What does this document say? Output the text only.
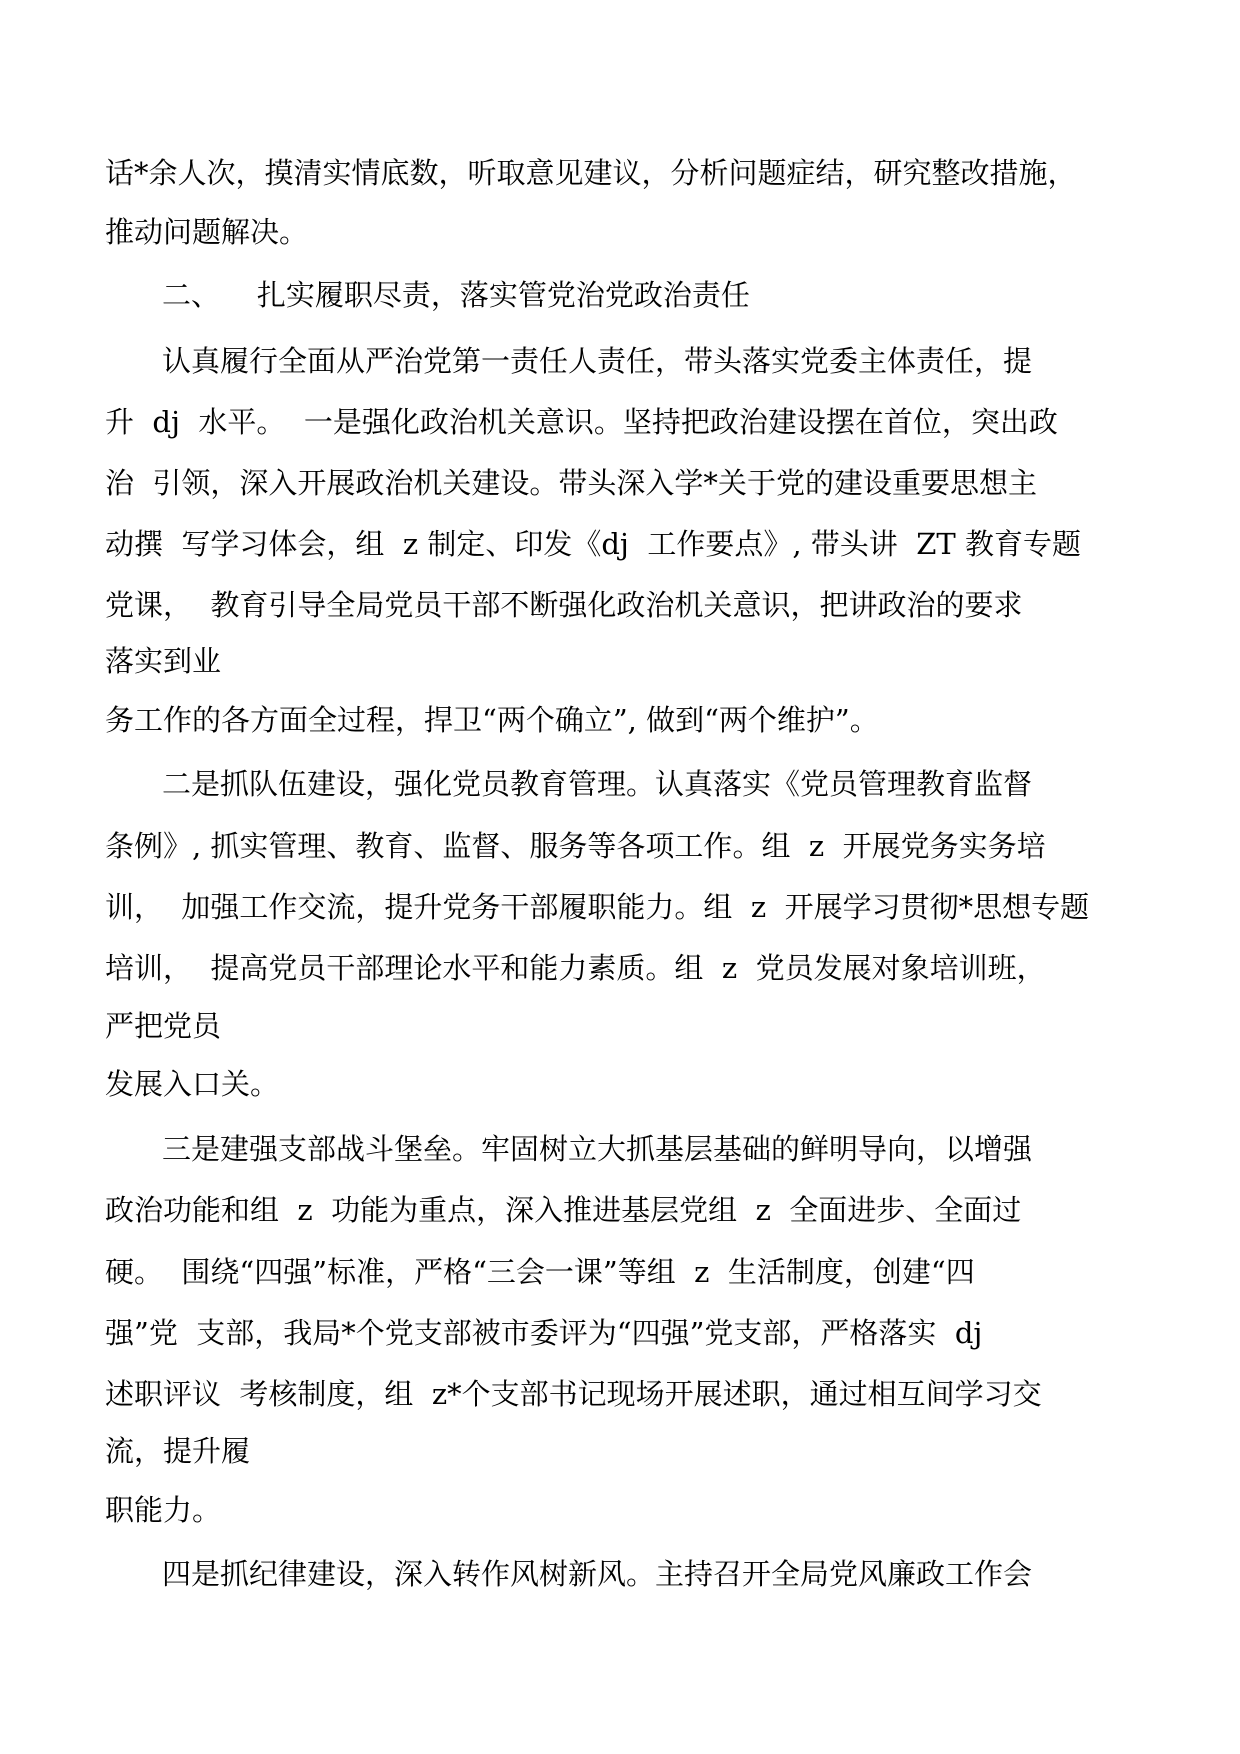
话*余人次，摸清实情底数，听取意见建议，分析问题症结，研究整改措施，
推动问题解决。
二、    扎实履职尽责，落实管党治党政治责任
认真履行全面从严治党第一责任人责任，带头落实党委主体责任，提
升  dj  水平。  一是强化政治机关意识。坚持把政治建设摆在首位，突出政
治  引领，深入开展政治机关建设。带头深入学*关于党的建设重要思想主
动撰  写学习体会，组  z 制定、印发《dj  工作要点》, 带头讲  ZT 教育专题
党课，  教育引导全局党员干部不断强化政治机关意识，把讲政治的要求
落实到业
务工作的各方面全过程，捍卫“两个确立”, 做到“两个维护”。
二是抓队伍建设，强化党员教育管理。认真落实《党员管理教育监督
条例》, 抓实管理、教育、监督、服务等各项工作。组  z  开展党务实务培
训，  加强工作交流，提升党务干部履职能力。组  z  开展学习贯彻*思想专题
培训，  提高党员干部理论水平和能力素质。组  z  党员发展对象培训班，
严把党员
发展入口关。
三是建强支部战斗堡垒。牢固树立大抓基层基础的鲜明导向，以增强
政治功能和组  z  功能为重点，深入推进基层党组  z  全面进步、全面过
硬。  围绕“四强”标准，严格“三会一课”等组  z  生活制度，创建“四
强”党  支部，我局*个党支部被市委评为“四强”党支部，严格落实  dj
述职评议  考核制度，组  z*个支部书记现场开展述职，通过相互间学习交
流，提升履
职能力。
四是抓纪律建设，深入转作风树新风。主持召开全局党风廉政工作会
